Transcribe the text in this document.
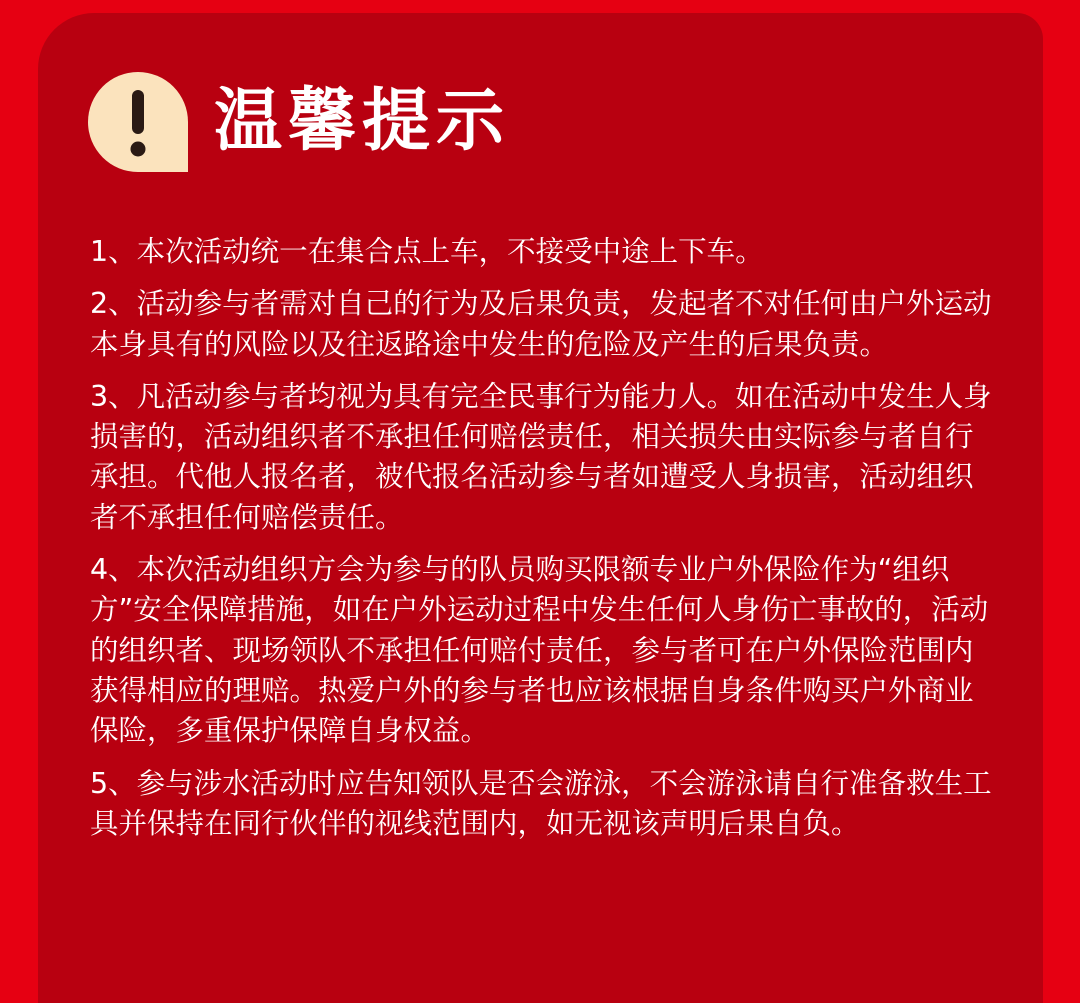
温馨提示

1、本次活动统一在集合点上车，不接受中途上下车。

2、活动参与者需对自己的行为及后果负责，发起者不对任何由户外运动本身具有的风险以及往返路途中发生的危险及产生的后果负责。

3、凡活动参与者均视为具有完全民事行为能力人。如在活动中发生人身损害的，活动组织者不承担任何赔偿责任，相关损失由实际参与者自行承担。代他人报名者，被代报名活动参与者如遭受人身损害，活动组织者不承担任何赔偿责任。

4、本次活动组织方会为参与的队员购买限额专业户外保险作为“组织方”安全保障措施，如在户外运动过程中发生任何人身伤亡事故的，活动的组织者、现场领队不承担任何赔付责任，参与者可在户外保险范围内获得相应的理赔。热爱户外的参与者也应该根据自身条件购买户外商业保险，多重保护保障自身权益。

5、参与涉水活动时应告知领队是否会游泳，不会游泳请自行准备救生工具并保持在同行伙伴的视线范围内，如无视该声明后果自负。
